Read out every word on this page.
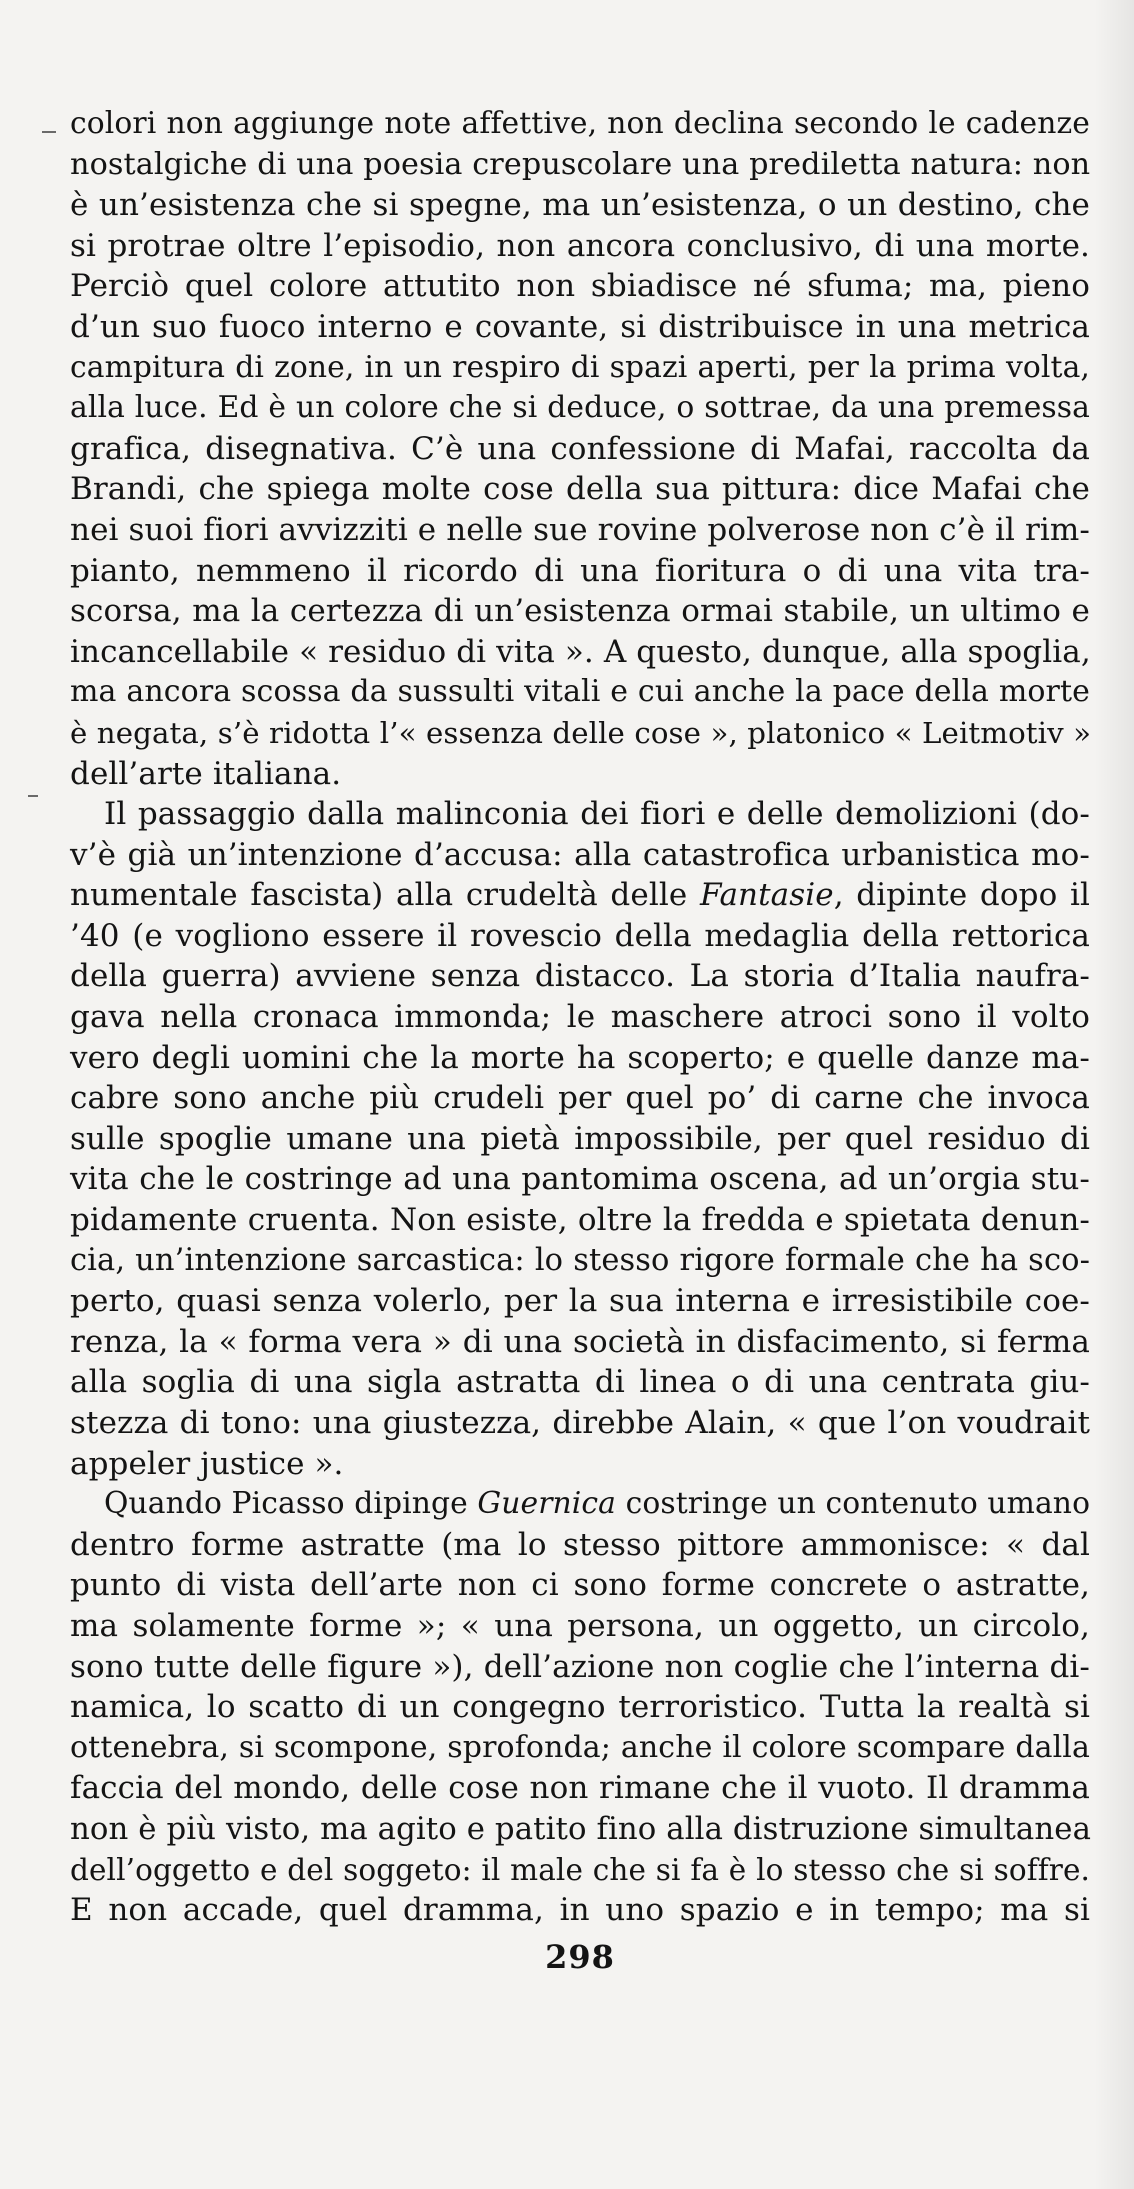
colori non aggiunge note affettive, non declina secondo le cadenze
nostalgiche di una poesia crepuscolare una prediletta natura: non
è un’esistenza che si spegne, ma un’esistenza, o un destino, che
si protrae oltre l’episodio, non ancora conclusivo, di una morte.
Perciò quel colore attutito non sbiadisce né sfuma; ma, pieno
d’un suo fuoco interno e covante, si distribuisce in una metrica
campitura di zone, in un respiro di spazi aperti, per la prima volta,
alla luce. Ed è un colore che si deduce, o sottrae, da una premessa
grafica, disegnativa. C’è una confessione di Mafai, raccolta da
Brandi, che spiega molte cose della sua pittura: dice Mafai che
nei suoi fiori avvizziti e nelle sue rovine polverose non c’è il rim-
pianto, nemmeno il ricordo di una fioritura o di una vita tra-
scorsa, ma la certezza di un’esistenza ormai stabile, un ultimo e
incancellabile « residuo di vita ». A questo, dunque, alla spoglia,
ma ancora scossa da sussulti vitali e cui anche la pace della morte
è negata, s’è ridotta l’« essenza delle cose », platonico « Leitmotiv »
dell’arte italiana.
Il passaggio dalla malinconia dei fiori e delle demolizioni (do-
v’è già un’intenzione d’accusa: alla catastrofica urbanistica mo-
numentale fascista) alla crudeltà delle Fantasie, dipinte dopo il
’40 (e vogliono essere il rovescio della medaglia della rettorica
della guerra) avviene senza distacco. La storia d’Italia naufra-
gava nella cronaca immonda; le maschere atroci sono il volto
vero degli uomini che la morte ha scoperto; e quelle danze ma-
cabre sono anche più crudeli per quel po’ di carne che invoca
sulle spoglie umane una pietà impossibile, per quel residuo di
vita che le costringe ad una pantomima oscena, ad un’orgia stu-
pidamente cruenta. Non esiste, oltre la fredda e spietata denun-
cia, un’intenzione sarcastica: lo stesso rigore formale che ha sco-
perto, quasi senza volerlo, per la sua interna e irresistibile coe-
renza, la « forma vera » di una società in disfacimento, si ferma
alla soglia di una sigla astratta di linea o di una centrata giu-
stezza di tono: una giustezza, direbbe Alain, « que l’on voudrait
appeler justice ».
Quando Picasso dipinge Guernica costringe un contenuto umano
dentro forme astratte (ma lo stesso pittore ammonisce: « dal
punto di vista dell’arte non ci sono forme concrete o astratte,
ma solamente forme »; « una persona, un oggetto, un circolo,
sono tutte delle figure »), dell’azione non coglie che l’interna di-
namica, lo scatto di un congegno terroristico. Tutta la realtà si
ottenebra, si scompone, sprofonda; anche il colore scompare dalla
faccia del mondo, delle cose non rimane che il vuoto. Il dramma
non è più visto, ma agito e patito fino alla distruzione simultanea
dell’oggetto e del soggeto: il male che si fa è lo stesso che si soffre.
E non accade, quel dramma, in uno spazio e in tempo; ma si
298
